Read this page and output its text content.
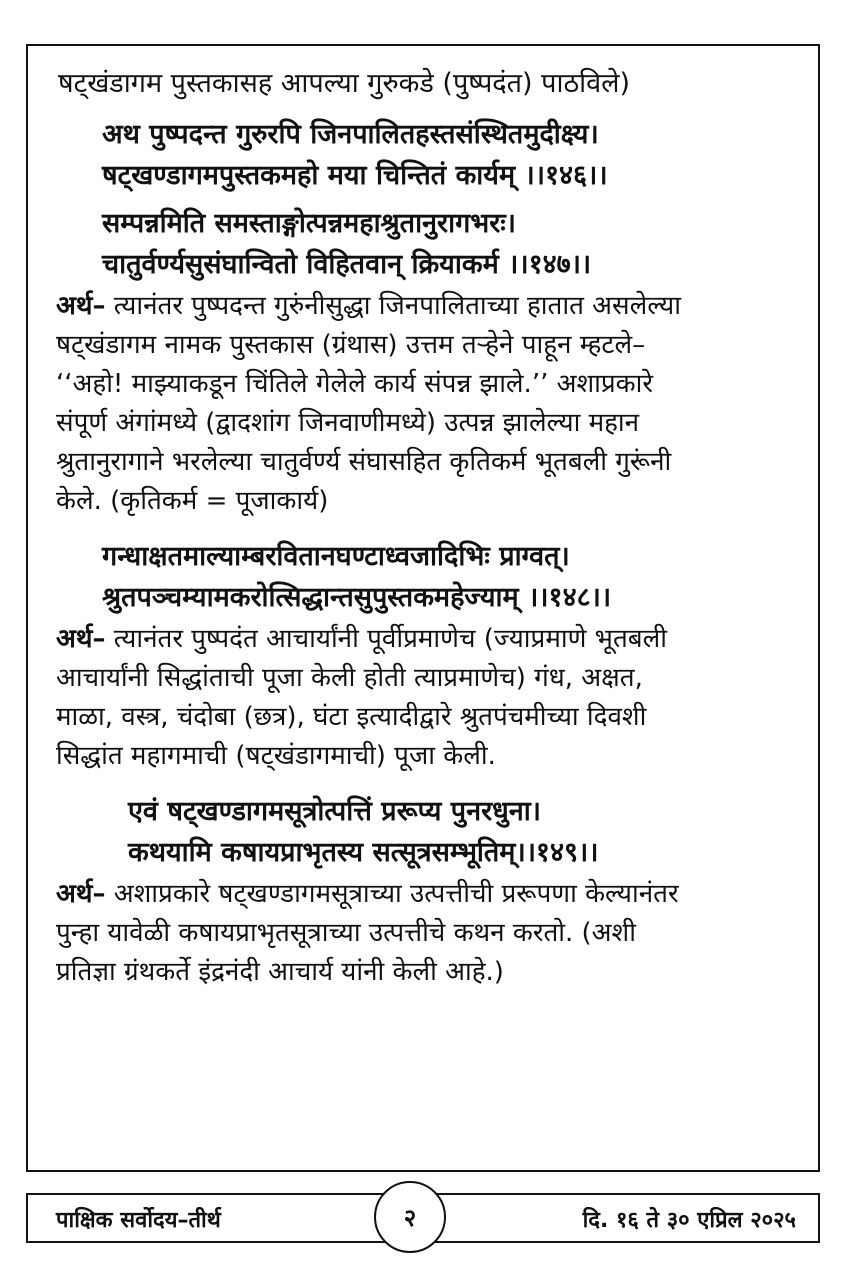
षट्खंडागम पुस्तकासह आपल्या गुरुकडे (पुष्पदंत) पाठविले)
अथ पुष्पदन्त गुरुरपि जिनपालितहस्तसंस्थितमुदीक्ष्य।
षट्खण्डागमपुस्तकमहो मया चिन्तितं कार्यम् ।।१४६।।
सम्पन्नमिति समस्ताङ्गोत्पन्नमहाश्रुतानुरागभरः।
चातुर्वर्ण्यसुसंघान्वितो विहितवान् क्रियाकर्म ।।१४७।।
अर्थ– त्यानंतर पुष्पदन्त गुरुंनीसुद्धा जिनपालिताच्या हातात असलेल्या
षट्खंडागम नामक पुस्तकास (ग्रंथास) उत्तम तऱ्हेने पाहून म्हटले–
‘‘अहो! माझ्याकडून चिंतिले गेलेले कार्य संपन्न झाले.’’ अशाप्रकारे
संपूर्ण अंगांमध्ये (द्वादशांग जिनवाणीमध्ये) उत्पन्न झालेल्या महान
श्रुतानुरागाने भरलेल्या चातुर्वर्ण्य संघासहित कृतिकर्म भूतबली गुरूंनी
केले. (कृतिकर्म = पूजाकार्य)
गन्धाक्षतमाल्याम्बरवितानघण्टाध्वजादिभिः प्राग्वत्।
श्रुतपञ्चम्यामकरोत्सिद्धान्तसुपुस्तकमहेज्याम् ।।१४८।।
अर्थ– त्यानंतर पुष्पदंत आचार्यांनी पूर्वीप्रमाणेच (ज्याप्रमाणे भूतबली
आचार्यांनी सिद्धांताची पूजा केली होती त्याप्रमाणेच) गंध, अक्षत,
माळा, वस्त्र, चंदोबा (छत्र), घंटा इत्यादीद्वारे श्रुतपंचमीच्या दिवशी
सिद्धांत महागमाची (षट्खंडागमाची) पूजा केली.
एवं षट्खण्डागमसूत्रोत्पत्तिं प्ररूप्य पुनरधुना।
कथयामि कषायप्राभृतस्य सत्सूत्रसम्भूतिम्।।१४९।।
अर्थ– अशाप्रकारे षट्खण्डागमसूत्राच्या उत्पत्तीची प्ररूपणा केल्यानंतर
पुन्हा यावेळी कषायप्राभृतसूत्राच्या उत्पत्तीचे कथन करतो. (अशी
प्रतिज्ञा ग्रंथकर्ते इंद्रनंदी आचार्य यांनी केली आहे.)
पाक्षिक सर्वोदय–तीर्थ	दि. १६ ते ३० एप्रिल २०२५
२
